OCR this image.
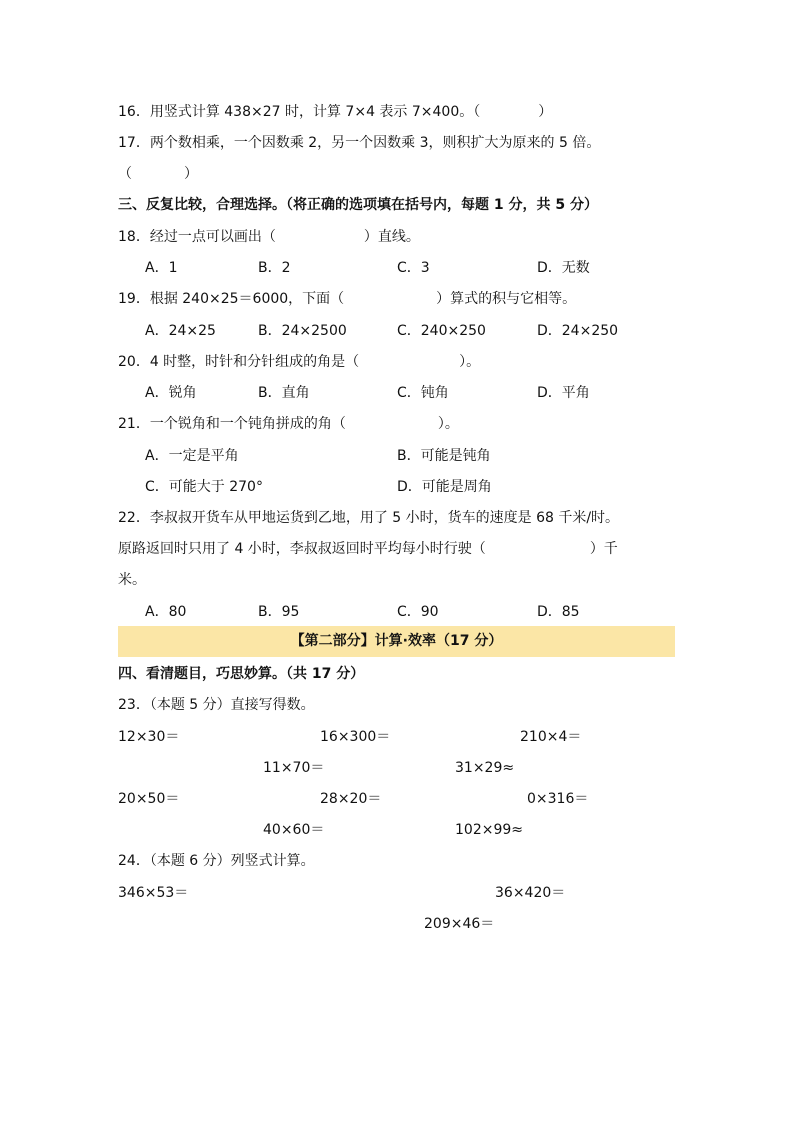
16．用竖式计算 438×27 时，计算 7×4 表示 7×400。（	）
17．两个数相乘，一个因数乘 2，另一个因数乘 3，则积扩大为原来的 5 倍。
（	）
三、反复比较，合理选择。（将正确的选项填在括号内，每题 1 分，共 5 分）
18．经过一点可以画出（	）直线。
A．1	B．2	C．3	D．无数
19．根据 240×25＝6000，下面（	）算式的积与它相等。
A．24×25	B．24×2500	C．240×250	D．24×250
20．4 时整，时针和分针组成的角是（	）。
A．锐角	B．直角	C．钝角	D．平角
21．一个锐角和一个钝角拼成的角（	）。
A．一定是平角	B．可能是钝角
C．可能大于 270°	D．可能是周角
22．李叔叔开货车从甲地运货到乙地，用了 5 小时，货车的速度是 68 千米/时。
原路返回时只用了 4 小时，李叔叔返回时平均每小时行驶（	）千
米。
A．80	B．95	C．90	D．85
【第二部分】计算·效率（17 分）
四、看清题目，巧思妙算。（共 17 分）
23．（本题 5 分）直接写得数。
12×30＝	16×300＝	210×4＝
11×70＝	31×29≈
20×50＝	28×20＝	0×316＝
40×60＝	102×99≈
24．（本题 6 分）列竖式计算。
346×53＝	36×420＝
209×46＝
